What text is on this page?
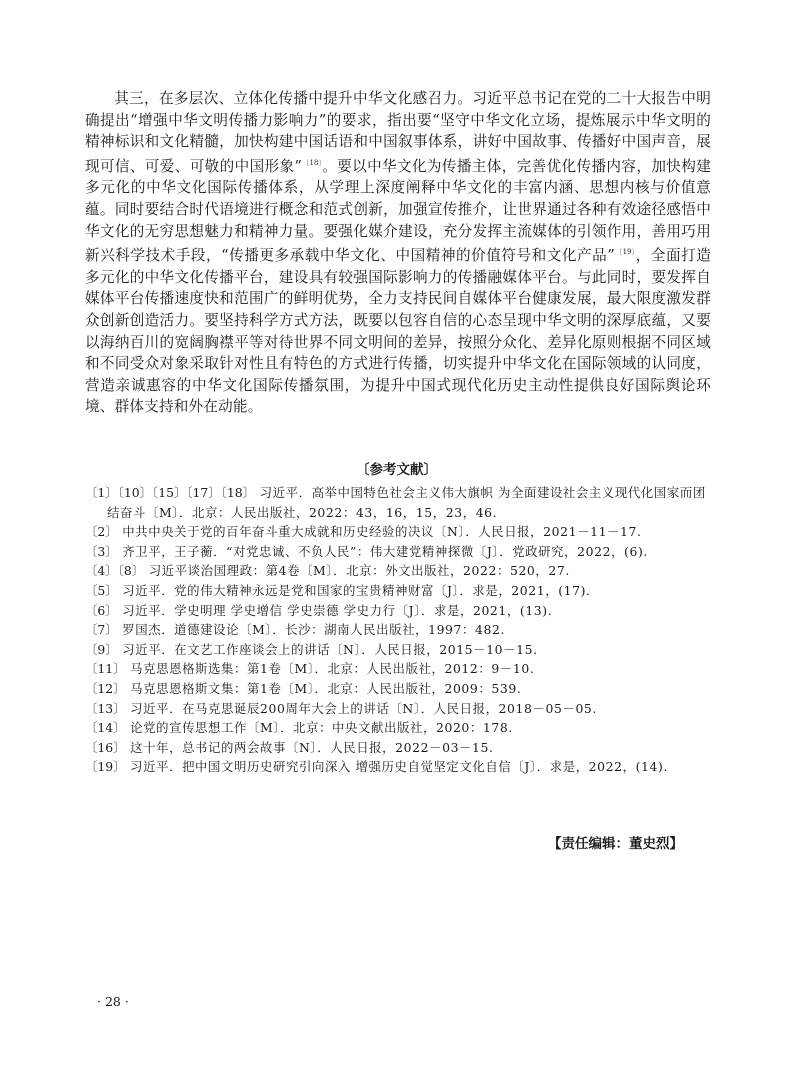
其三，在多层次、立体化传播中提升中华文化感召力。习近平总书记在党的二十大报告中明确提出“增强中华文明传播力影响力”的要求，指出要“坚守中华文化立场，提炼展示中华文明的精神标识和文化精髓，加快构建中国话语和中国叙事体系，讲好中国故事、传播好中国声音，展现可信、可爱、可敬的中国形象”$^{〔18〕}$。要以中华文化为传播主体，完善优化传播内容，加快构建多元化的中华文化国际传播体系，从学理上深度阐释中华文化的丰富内涵、思想内核与价值意蕴。同时要结合时代语境进行概念和范式创新，加强宣传推介，让世界通过各种有效途径感悟中华文化的无穷思想魅力和精神力量。要强化媒介建设，充分发挥主流媒体的引领作用，善用巧用新兴科学技术手段，“传播更多承载中华文化、中国精神的价值符号和文化产品”$^{〔19〕}$，全面打造多元化的中华文化传播平台，建设具有较强国际影响力的传播融媒体平台。与此同时，要发挥自媒体平台传播速度快和范围广的鲜明优势，全力支持民间自媒体平台健康发展，最大限度激发群众创新创造活力。要坚持科学方式方法，既要以包容自信的心态呈现中华文明的深厚底蕴，又要以海纳百川的宽阔胸襟平等对待世界不同文明间的差异，按照分众化、差异化原则根据不同区域和不同受众对象采取针对性且有特色的方式进行传播，切实提升中华文化在国际领域的认同度，营造亲诚惠容的中华文化国际传播氛围，为提升中国式现代化历史主动性提供良好国际舆论环境、群体支持和外在动能。

〔参考文献〕
〔1〕〔10〕〔15〕〔17〕〔18〕 习近平．高举中国特色社会主义伟大旗帜 为全面建设社会主义现代化国家而团结奋斗〔M〕．北京：人民出版社，2022：43，16，15，23，46.
〔2〕 中共中央关于党的百年奋斗重大成就和历史经验的决议〔N〕．人民日报，2021－11－17.
〔3〕 齐卫平，王子蘅．“对党忠诚、不负人民”：伟大建党精神探微〔J〕．党政研究，2022，(6).
〔4〕〔8〕 习近平谈治国理政：第4卷〔M〕．北京：外文出版社，2022：520，27.
〔5〕 习近平．党的伟大精神永远是党和国家的宝贵精神财富〔J〕．求是，2021，(17).
〔6〕 习近平．学史明理 学史增信 学史崇德 学史力行〔J〕．求是，2021，(13).
〔7〕 罗国杰．道德建设论〔M〕．长沙：湖南人民出版社，1997：482.
〔9〕 习近平．在文艺工作座谈会上的讲话〔N〕．人民日报，2015－10－15.
〔11〕 马克思恩格斯选集：第1卷〔M〕．北京：人民出版社，2012：9－10.
〔12〕 马克思恩格斯文集：第1卷〔M〕．北京：人民出版社，2009：539.
〔13〕 习近平．在马克思诞辰200周年大会上的讲话〔N〕．人民日报，2018－05－05.
〔14〕 论党的宣传思想工作〔M〕．北京：中央文献出版社，2020：178.
〔16〕 这十年，总书记的两会故事〔N〕．人民日报，2022－03－15.
〔19〕 习近平．把中国文明历史研究引向深入 增强历史自觉坚定文化自信〔J〕．求是，2022，(14).

【责任编辑：董史烈】

· 28 ·
